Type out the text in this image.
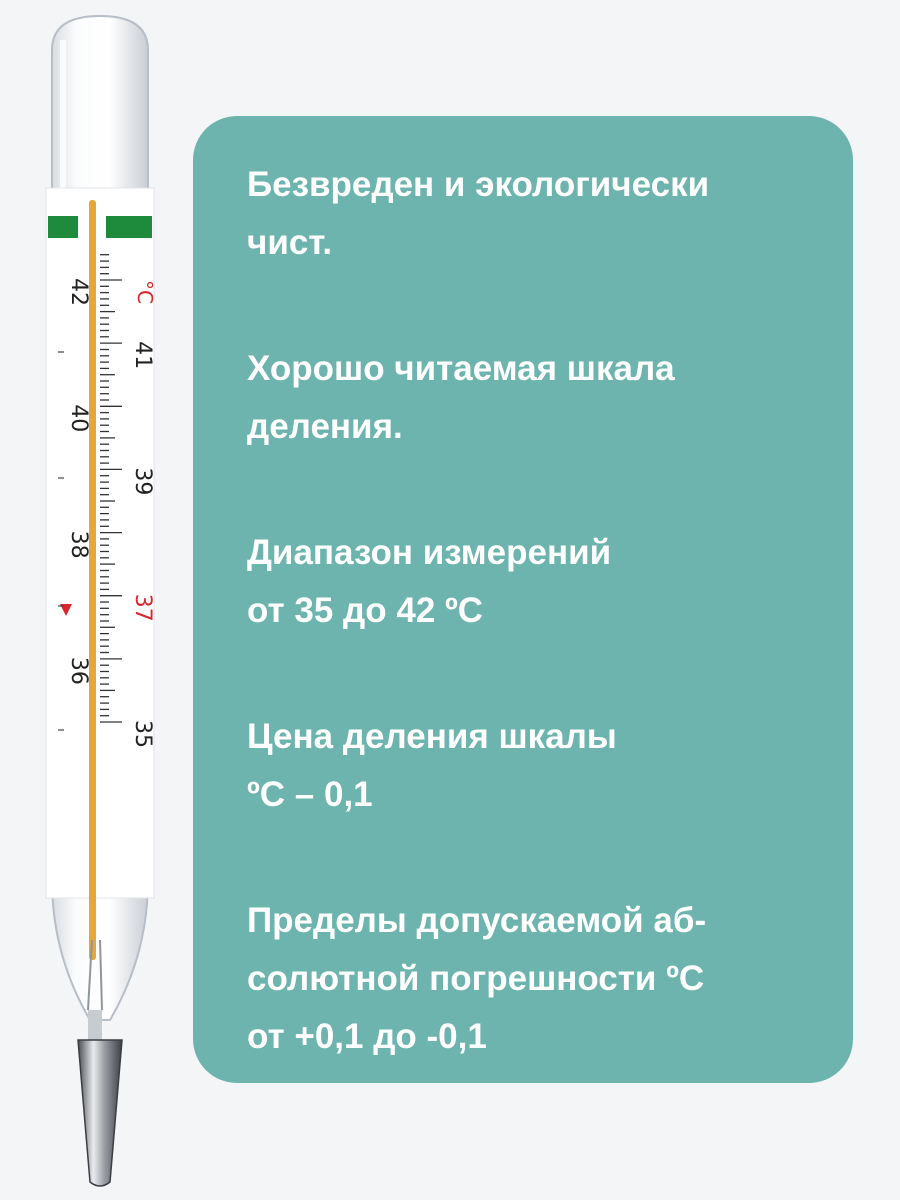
35
36
37
38
39
40
41
42 °C
Безвреден и экологически
чист.
Хорошо читаемая шкала
деления.
Диапазон измерений
от 35 до 42 ºC
Цена деления шкалы
ºC – 0,1
Пределы допускаемой аб-
солютной погрешности ºC
от +0,1 до -0,1
